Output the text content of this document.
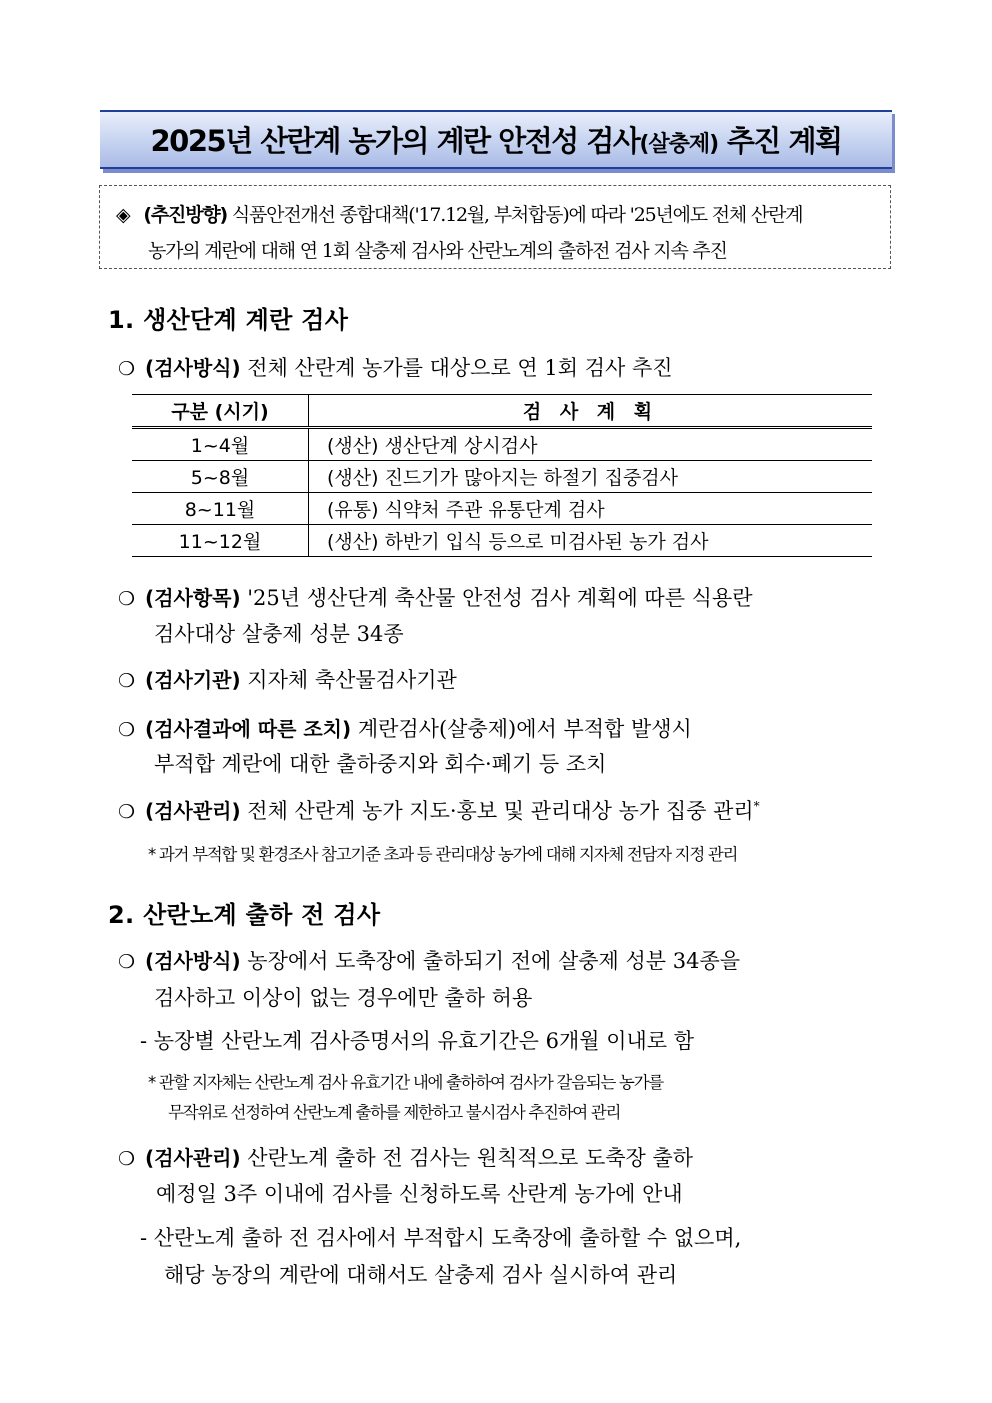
2025년 산란계 농가의 계란 안전성 검사(살충제) 추진 계획
◈ (추진방향) 식품안전개선 종합대책('17.12월, 부처합동)에 따라 '25년에도 전체 산란계
농가의 계란에 대해 연 1회 살충제 검사와 산란노계의 출하전 검사 지속 추진
1. 생산단계 계란 검사
❍ (검사방식) 전체 산란계 농가를 대상으로 연 1회 검사 추진
구분 (시기)	검 사 계 획
1~4월	(생산) 생산단계 상시검사
5~8월	(생산) 진드기가 많아지는 하절기 집중검사
8~11월	(유통) 식약처 주관 유통단계 검사
11~12월	(생산) 하반기 입식 등으로 미검사된 농가 검사
❍ (검사항목) '25년 생산단계 축산물 안전성 검사 계획에 따른 식용란
검사대상 살충제 성분 34종
❍ (검사기관) 지자체 축산물검사기관
❍ (검사결과에 따른 조치) 계란검사(살충제)에서 부적합 발생시
부적합 계란에 대한 출하중지와 회수·폐기 등 조치
❍ (검사관리) 전체 산란계 농가 지도·홍보 및 관리대상 농가 집중 관리*
* 과거 부적합 및 환경조사 참고기준 초과 등 관리대상 농가에 대해 지자체 전담자 지정 관리
2. 산란노계 출하 전 검사
❍ (검사방식) 농장에서 도축장에 출하되기 전에 살충제 성분 34종을
검사하고 이상이 없는 경우에만 출하 허용
- 농장별 산란노계 검사증명서의 유효기간은 6개월 이내로 함
* 관할 지자체는 산란노계 검사 유효기간 내에 출하하여 검사가 갈음되는 농가를
무작위로 선정하여 산란노계 출하를 제한하고 불시검사 추진하여 관리
❍ (검사관리) 산란노계 출하 전 검사는 원칙적으로 도축장 출하
예정일 3주 이내에 검사를 신청하도록 산란계 농가에 안내
- 산란노계 출하 전 검사에서 부적합시 도축장에 출하할 수 없으며,
해당 농장의 계란에 대해서도 살충제 검사 실시하여 관리
